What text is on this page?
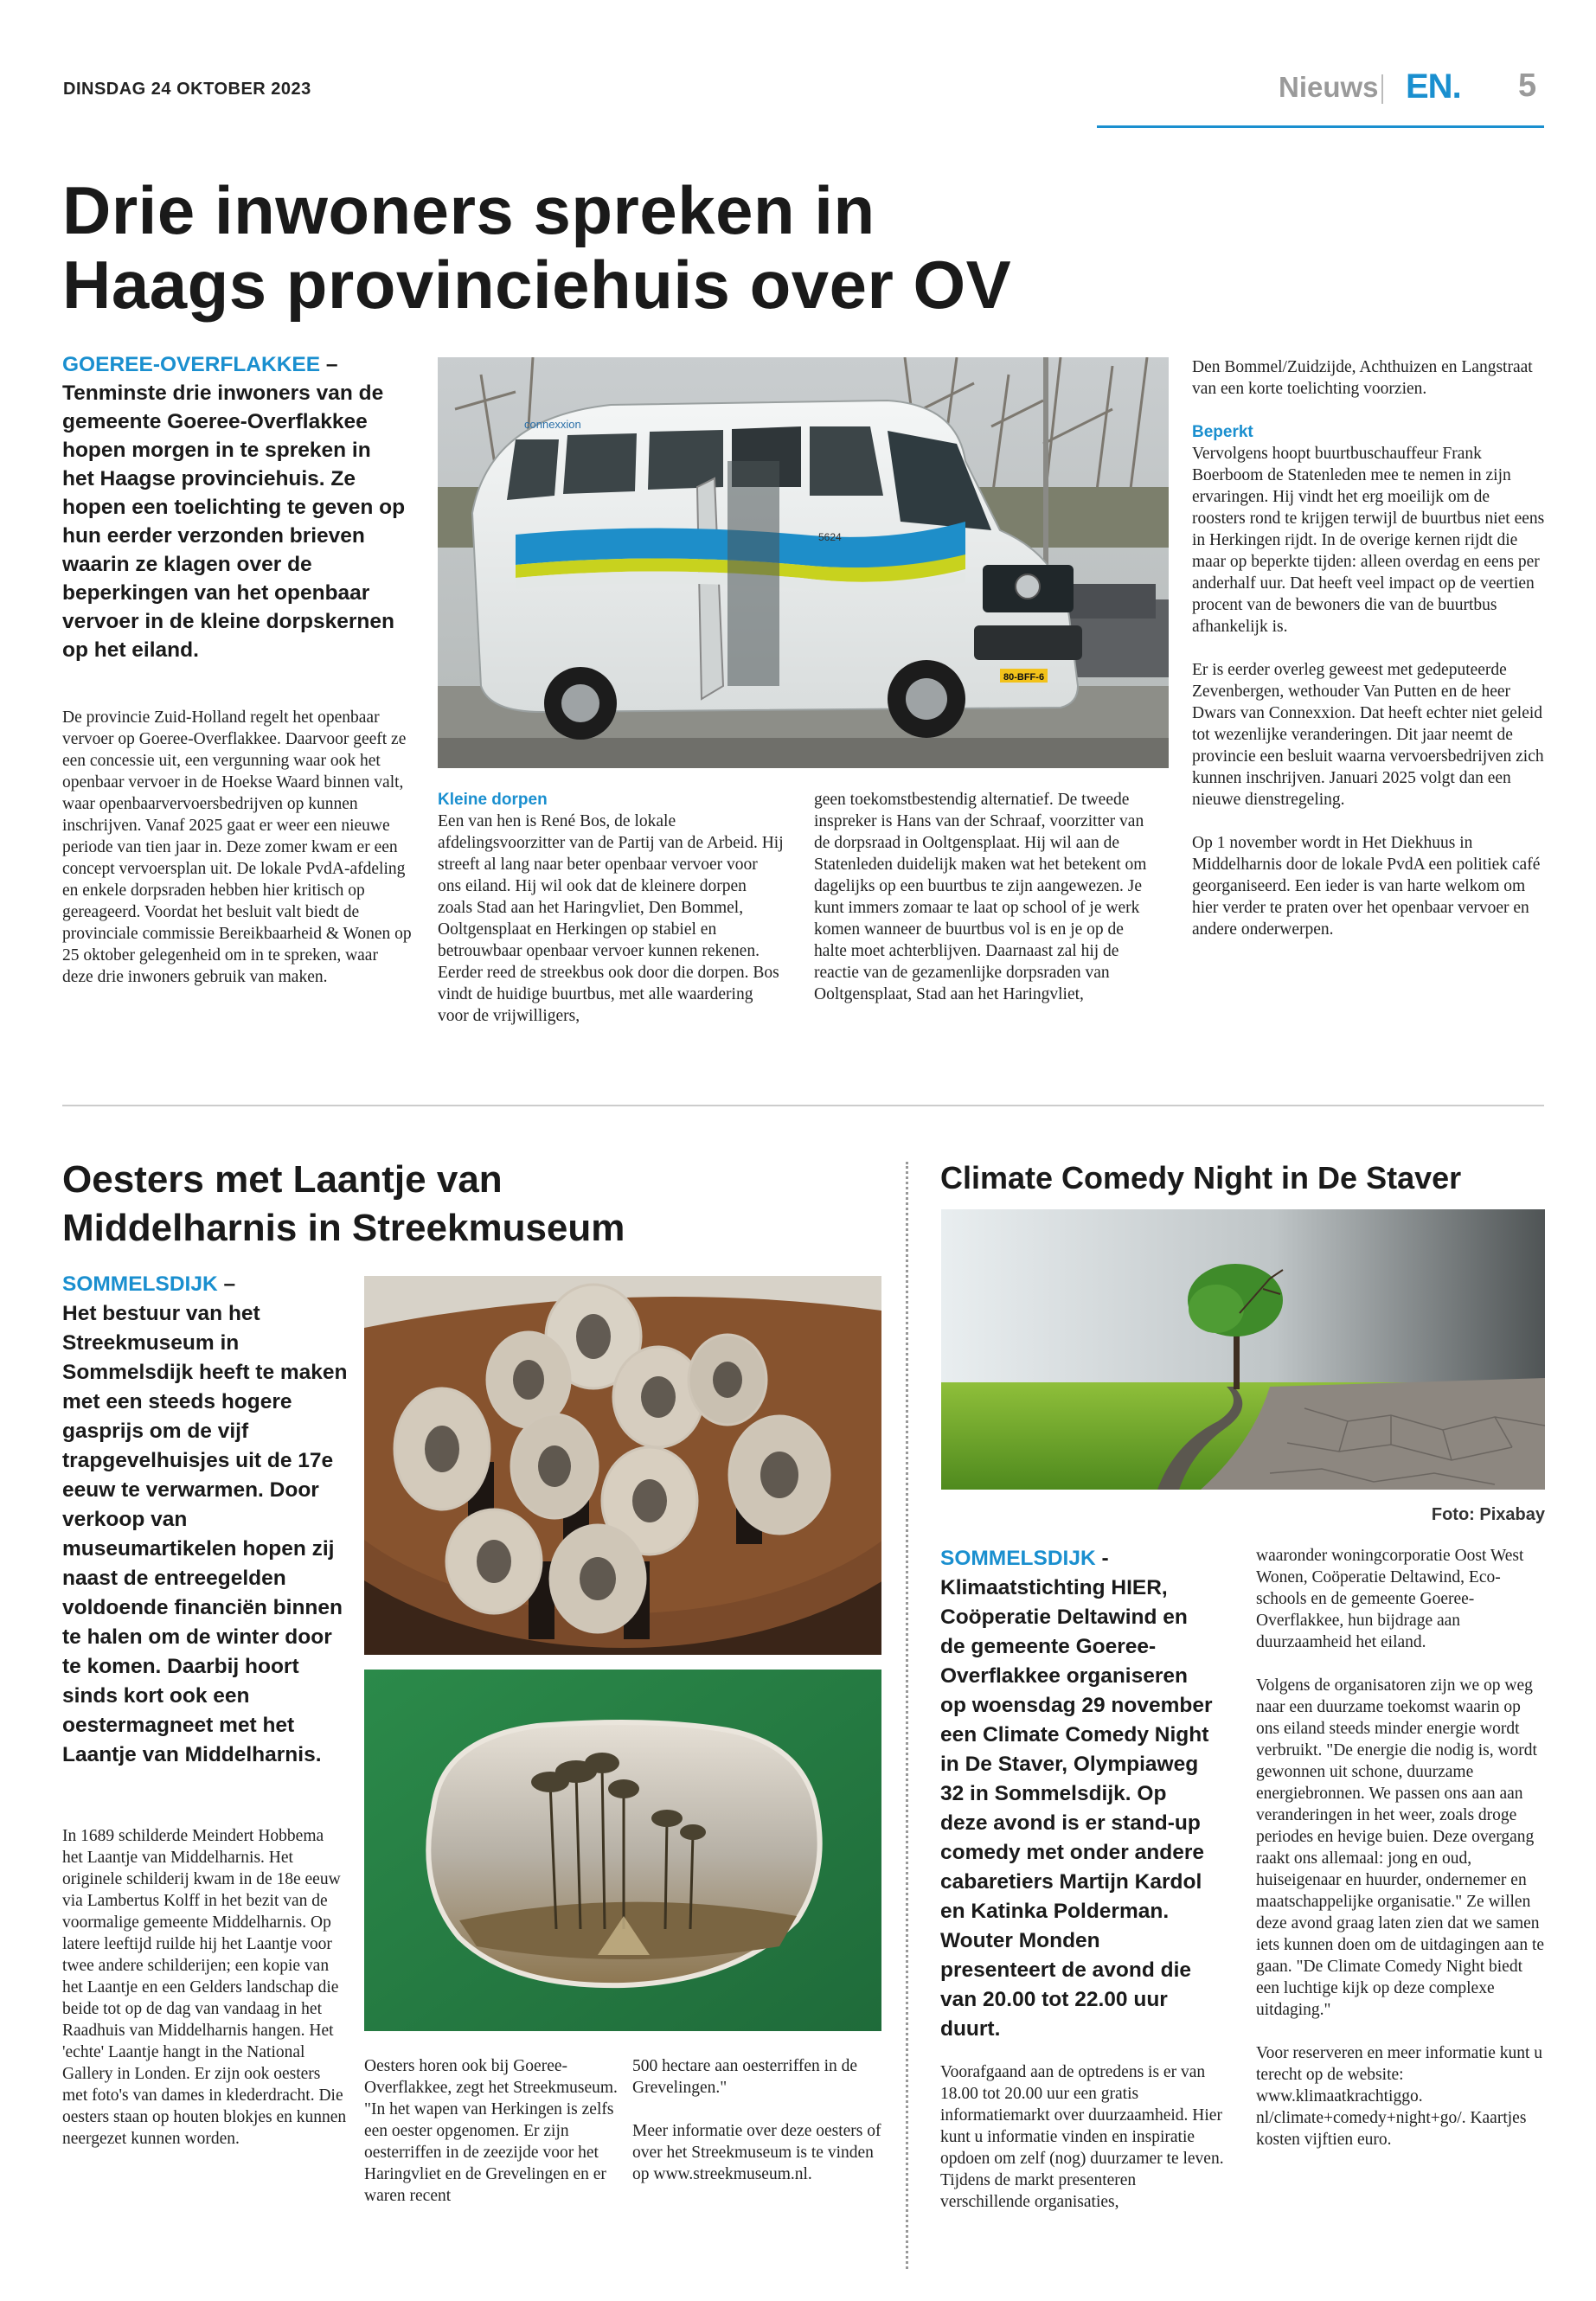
DINSDAG 24 OKTOBER 2023	Nieuws EN. 5
Drie inwoners spreken in
Haags provinciehuis over OV
GOEREE-OVERFLAKKEE –
Tenminste drie inwoners van de gemeente Goeree-Overflakkee hopen morgen in te spreken in het Haagse provinciehuis. Ze hopen een toelichting te geven op hun eerder verzonden brieven waarin ze klagen over de beperkingen van het openbaar vervoer in de kleine dorpskernen op het eiland.
De provincie Zuid-Holland regelt het openbaar vervoer op Goeree-Overflakkee. Daarvoor geeft ze een concessie uit, een vergunning waar ook het openbaar vervoer in de Hoekse Waard binnen valt, waar openbaarvervoersbedrijven op kunnen inschrijven. Vanaf 2025 gaat er weer een nieuwe periode van tien jaar in. Deze zomer kwam er een concept vervoersplan uit. De lokale PvdA-afdeling en enkele dorpsraden hebben hier kritisch op gereageerd. Voordat het besluit valt biedt de provinciale commissie Bereikbaarheid & Wonen op 25 oktober gelegenheid om in te spreken, waar deze drie inwoners gebruik van maken.
80-BFF-6
connexxion
5624
Kleine dorpen
Een van hen is René Bos, de lokale afdelingsvoorzitter van de Partij van de Arbeid. Hij streeft al lang naar beter openbaar vervoer voor ons eiland. Hij wil ook dat de kleinere dorpen zoals Stad aan het Haringvliet, Den Bommel, Ooltgensplaat en Herkingen op stabiel en betrouwbaar openbaar vervoer kunnen rekenen. Eerder reed de streekbus ook door die dorpen. Bos vindt de huidige buurtbus, met alle waardering voor de vrijwilligers,
geen toekomstbestendig alternatief. De tweede inspreker is Hans van der Schraaf, voorzitter van de dorpsraad in Ooltgensplaat. Hij wil aan de Statenleden duidelijk maken wat het betekent om dagelijks op een buurtbus te zijn aangewezen. Je kunt immers zomaar te laat op school of je werk komen wanneer de buurtbus vol is en je op de halte moet achterblijven. Daarnaast zal hij de reactie van de gezamenlijke dorpsraden van Ooltgensplaat, Stad aan het Haringvliet,
Den Bommel/Zuidzijde, Achthuizen en Langstraat van een korte toelichting voorzien.
Beperkt
Vervolgens hoopt buurtbuschauffeur Frank Boerboom de Statenleden mee te nemen in zijn ervaringen. Hij vindt het erg moeilijk om de roosters rond te krijgen terwijl de buurtbus niet eens in Herkingen rijdt. In de overige kernen rijdt die maar op beperkte tijden: alleen overdag en eens per anderhalf uur. Dat heeft veel impact op de veertien procent van de bewoners die van de buurtbus afhankelijk is.
Er is eerder overleg geweest met gedeputeerde Zevenbergen, wethouder Van Putten en de heer Dwars van Connexxion. Dat heeft echter niet geleid tot wezenlijke veranderingen. Dit jaar neemt de provincie een besluit waarna vervoersbedrijven zich kunnen inschrijven. Januari 2025 volgt dan een nieuwe dienstregeling.
Op 1 november wordt in Het Diekhuus in Middelharnis door de lokale PvdA een politiek café georganiseerd. Een ieder is van harte welkom om hier verder te praten over het openbaar vervoer en andere onderwerpen.
Oesters met Laantje van
Middelharnis in Streekmuseum
SOMMELSDIJK –
Het bestuur van het Streekmuseum in Sommelsdijk heeft te maken met een steeds hogere gasprijs om de vijf trapgevelhuisjes uit de 17e eeuw te verwarmen. Door verkoop van museumartikelen hopen zij naast de entreegelden voldoende financiën binnen te halen om de winter door te komen. Daarbij hoort sinds kort ook een oestermagneet met het Laantje van Middelharnis.
In 1689 schilderde Meindert Hobbema het Laantje van Middelharnis. Het originele schilderij kwam in de 18e eeuw via Lambertus Kolff in het bezit van de voormalige gemeente Middelharnis. Op latere leeftijd ruilde hij het Laantje voor twee andere schilderijen; een kopie van het Laantje en een Gelders landschap die beide tot op de dag van vandaag in het Raadhuis van Middelharnis hangen. Het 'echte' Laantje hangt in the National Gallery in Londen. Er zijn ook oesters met foto's van dames in klederdracht. Die oesters staan op houten blokjes en kunnen neergezet kunnen worden.
Oesters horen ook bij Goeree-Overflakkee, zegt het Streekmuseum. "In het wapen van Herkingen is zelfs een oester opgenomen. Er zijn oesterriffen in de zeezijde voor het Haringvliet en de Grevelingen en er waren recent
500 hectare aan oesterriffen in de Grevelingen."
Meer informatie over deze oesters of over het Streekmuseum is te vinden op www.streekmuseum.nl.
Climate Comedy Night in De Staver
Foto: Pixabay
SOMMELSDIJK -
Klimaatstichting HIER, Coöperatie Deltawind en de gemeente Goeree-Overflakkee organiseren op woensdag 29 november een Climate Comedy Night in De Staver, Olympiaweg 32 in Sommelsdijk. Op deze avond is er stand-up comedy met onder andere cabaretiers Martijn Kardol en Katinka Polderman. Wouter Monden presenteert de avond die van 20.00 tot 22.00 uur duurt.
Voorafgaand aan de optredens is er van 18.00 tot 20.00 uur een gratis informatiemarkt over duurzaamheid. Hier kunt u informatie vinden en inspiratie opdoen om zelf (nog) duurzamer te leven. Tijdens de markt presenteren verschillende organisaties,
waaronder woningcorporatie Oost West Wonen, Coöperatie Deltawind, Eco-schools en de gemeente Goeree-Overflakkee, hun bijdrage aan duurzaamheid het eiland.
Volgens de organisatoren zijn we op weg naar een duurzame toekomst waarin op ons eiland steeds minder energie wordt verbruikt. "De energie die nodig is, wordt gewonnen uit schone, duurzame energiebronnen. We passen ons aan aan veranderingen in het weer, zoals droge periodes en hevige buien. Deze overgang raakt ons allemaal: jong en oud, huiseigenaar en huurder, ondernemer en maatschappelijke organisatie." Ze willen deze avond graag laten zien dat we samen iets kunnen doen om de uitdagingen aan te gaan. "De Climate Comedy Night biedt een luchtige kijk op deze complexe uitdaging."
Voor reserveren en meer informatie kunt u terecht op de website: www.klimaatkrachtiggo. nl/climate+comedy+night+go/. Kaartjes kosten vijftien euro.
